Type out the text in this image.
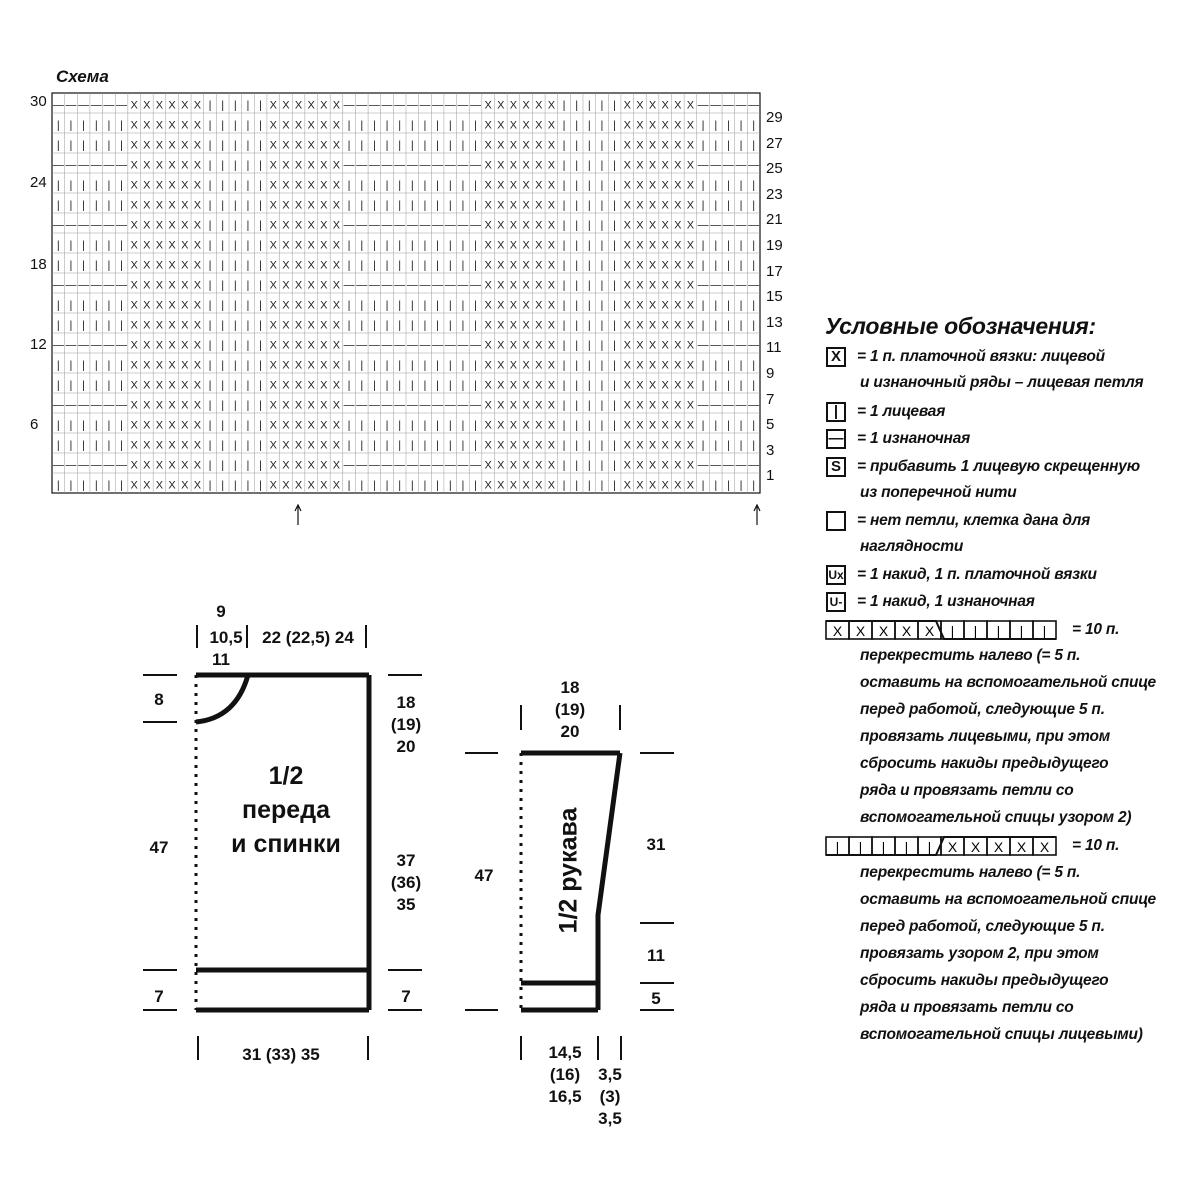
Схема
— — — — — — X X X X X X | | | | | X X X X X X — — — — — — — — — — — X X X X X X | | | | | X X X X X X — — — — —
| | | | | | X X X X X X | | | | | X X X X X X | | | | | | | | | | | X X X X X X | | | | | X X X X X X | | | | |
| | | | | | X X X X X X | | | | | X X X X X X | | | | | | | | | | | X X X X X X | | | | | X X X X X X | | | | |
— — — — — — X X X X X X | | | | | X X X X X X — — — — — — — — — — — X X X X X X | | | | | X X X X X X — — — — —
| | | | | | X X X X X X | | | | | X X X X X X | | | | | | | | | | | X X X X X X | | | | | X X X X X X | | | | |
| | | | | | X X X X X X | | | | | X X X X X X | | | | | | | | | | | X X X X X X | | | | | X X X X X X | | | | |
— — — — — — X X X X X X | | | | | X X X X X X — — — — — — — — — — — X X X X X X | | | | | X X X X X X — — — — —
| | | | | | X X X X X X | | | | | X X X X X X | | | | | | | | | | | X X X X X X | | | | | X X X X X X | | | | |
| | | | | | X X X X X X | | | | | X X X X X X | | | | | | | | | | | X X X X X X | | | | | X X X X X X | | | | |
— — — — — — X X X X X X | | | | | X X X X X X — — — — — — — — — — — X X X X X X | | | | | X X X X X X — — — — —
| | | | | | X X X X X X | | | | | X X X X X X | | | | | | | | | | | X X X X X X | | | | | X X X X X X | | | | |
| | | | | | X X X X X X | | | | | X X X X X X | | | | | | | | | | | X X X X X X | | | | | X X X X X X | | | | |
— — — — — — X X X X X X | | | | | X X X X X X — — — — — — — — — — — X X X X X X | | | | | X X X X X X — — — — —
| | | | | | X X X X X X | | | | | X X X X X X | | | | | | | | | | | X X X X X X | | | | | X X X X X X | | | | |
| | | | | | X X X X X X | | | | | X X X X X X | | | | | | | | | | | X X X X X X | | | | | X X X X X X | | | | |
— — — — — — X X X X X X | | | | | X X X X X X — — — — — — — — — — — X X X X X X | | | | | X X X X X X — — — — —
| | | | | | X X X X X X | | | | | X X X X X X | | | | | | | | | | | X X X X X X | | | | | X X X X X X | | | | |
| | | | | | X X X X X X | | | | | X X X X X X | | | | | | | | | | | X X X X X X | | | | | X X X X X X | | | | |
— — — — — — X X X X X X | | | | | X X X X X X — — — — — — — — — — — X X X X X X | | | | | X X X X X X — — — — —
| | | | | | X X X X X X | | | | | X X X X X X | | | | | | | | | | | X X X X X X | | | | | X X X X X X | | | | |
30
24
18
12
6
29
27
25
23
21
19
17
15
13
11
9
7
5
3
1
Условные обозначения:
X	= 1 п. платочной вязки: лицевой
и изнаночный ряды – лицевая петля
|	= 1 лицевая
— = 1 изнаночная
S	= прибавить 1 лицевую скрещенную
из поперечной нити
= нет петли, клетка дана для
наглядности
Ux = 1 накид, 1 п. платочной вязки
U- = 1 накид, 1 изнаночная
X X X X X | | | | | = 10 п.
перекрестить налево (= 5 п.
оставить на вспомогательной спице
перед работой, следующие 5 п.
провязать лицевыми, при этом
сбросить накиды предыдущего
ряда и провязать петли со
вспомогательной спицы узором 2)
| | | | | X X X X X = 10 п.
перекрестить налево (= 5 п.
оставить на вспомогательной спице
перед работой, следующие 5 п.
провязать узором 2, при этом
сбросить накиды предыдущего
ряда и провязать петли со
вспомогательной спицы лицевыми)
9
10,5
11
22 (22,5) 24
8
47
7
18
(19)
20
37
(36)
35
7
31 (33) 35
1/2
переда
и спинки
18
(19)
20
47
31
11
5
14,5
(16)
16,5
3,5
(3)
3,5
1/2 рукава
